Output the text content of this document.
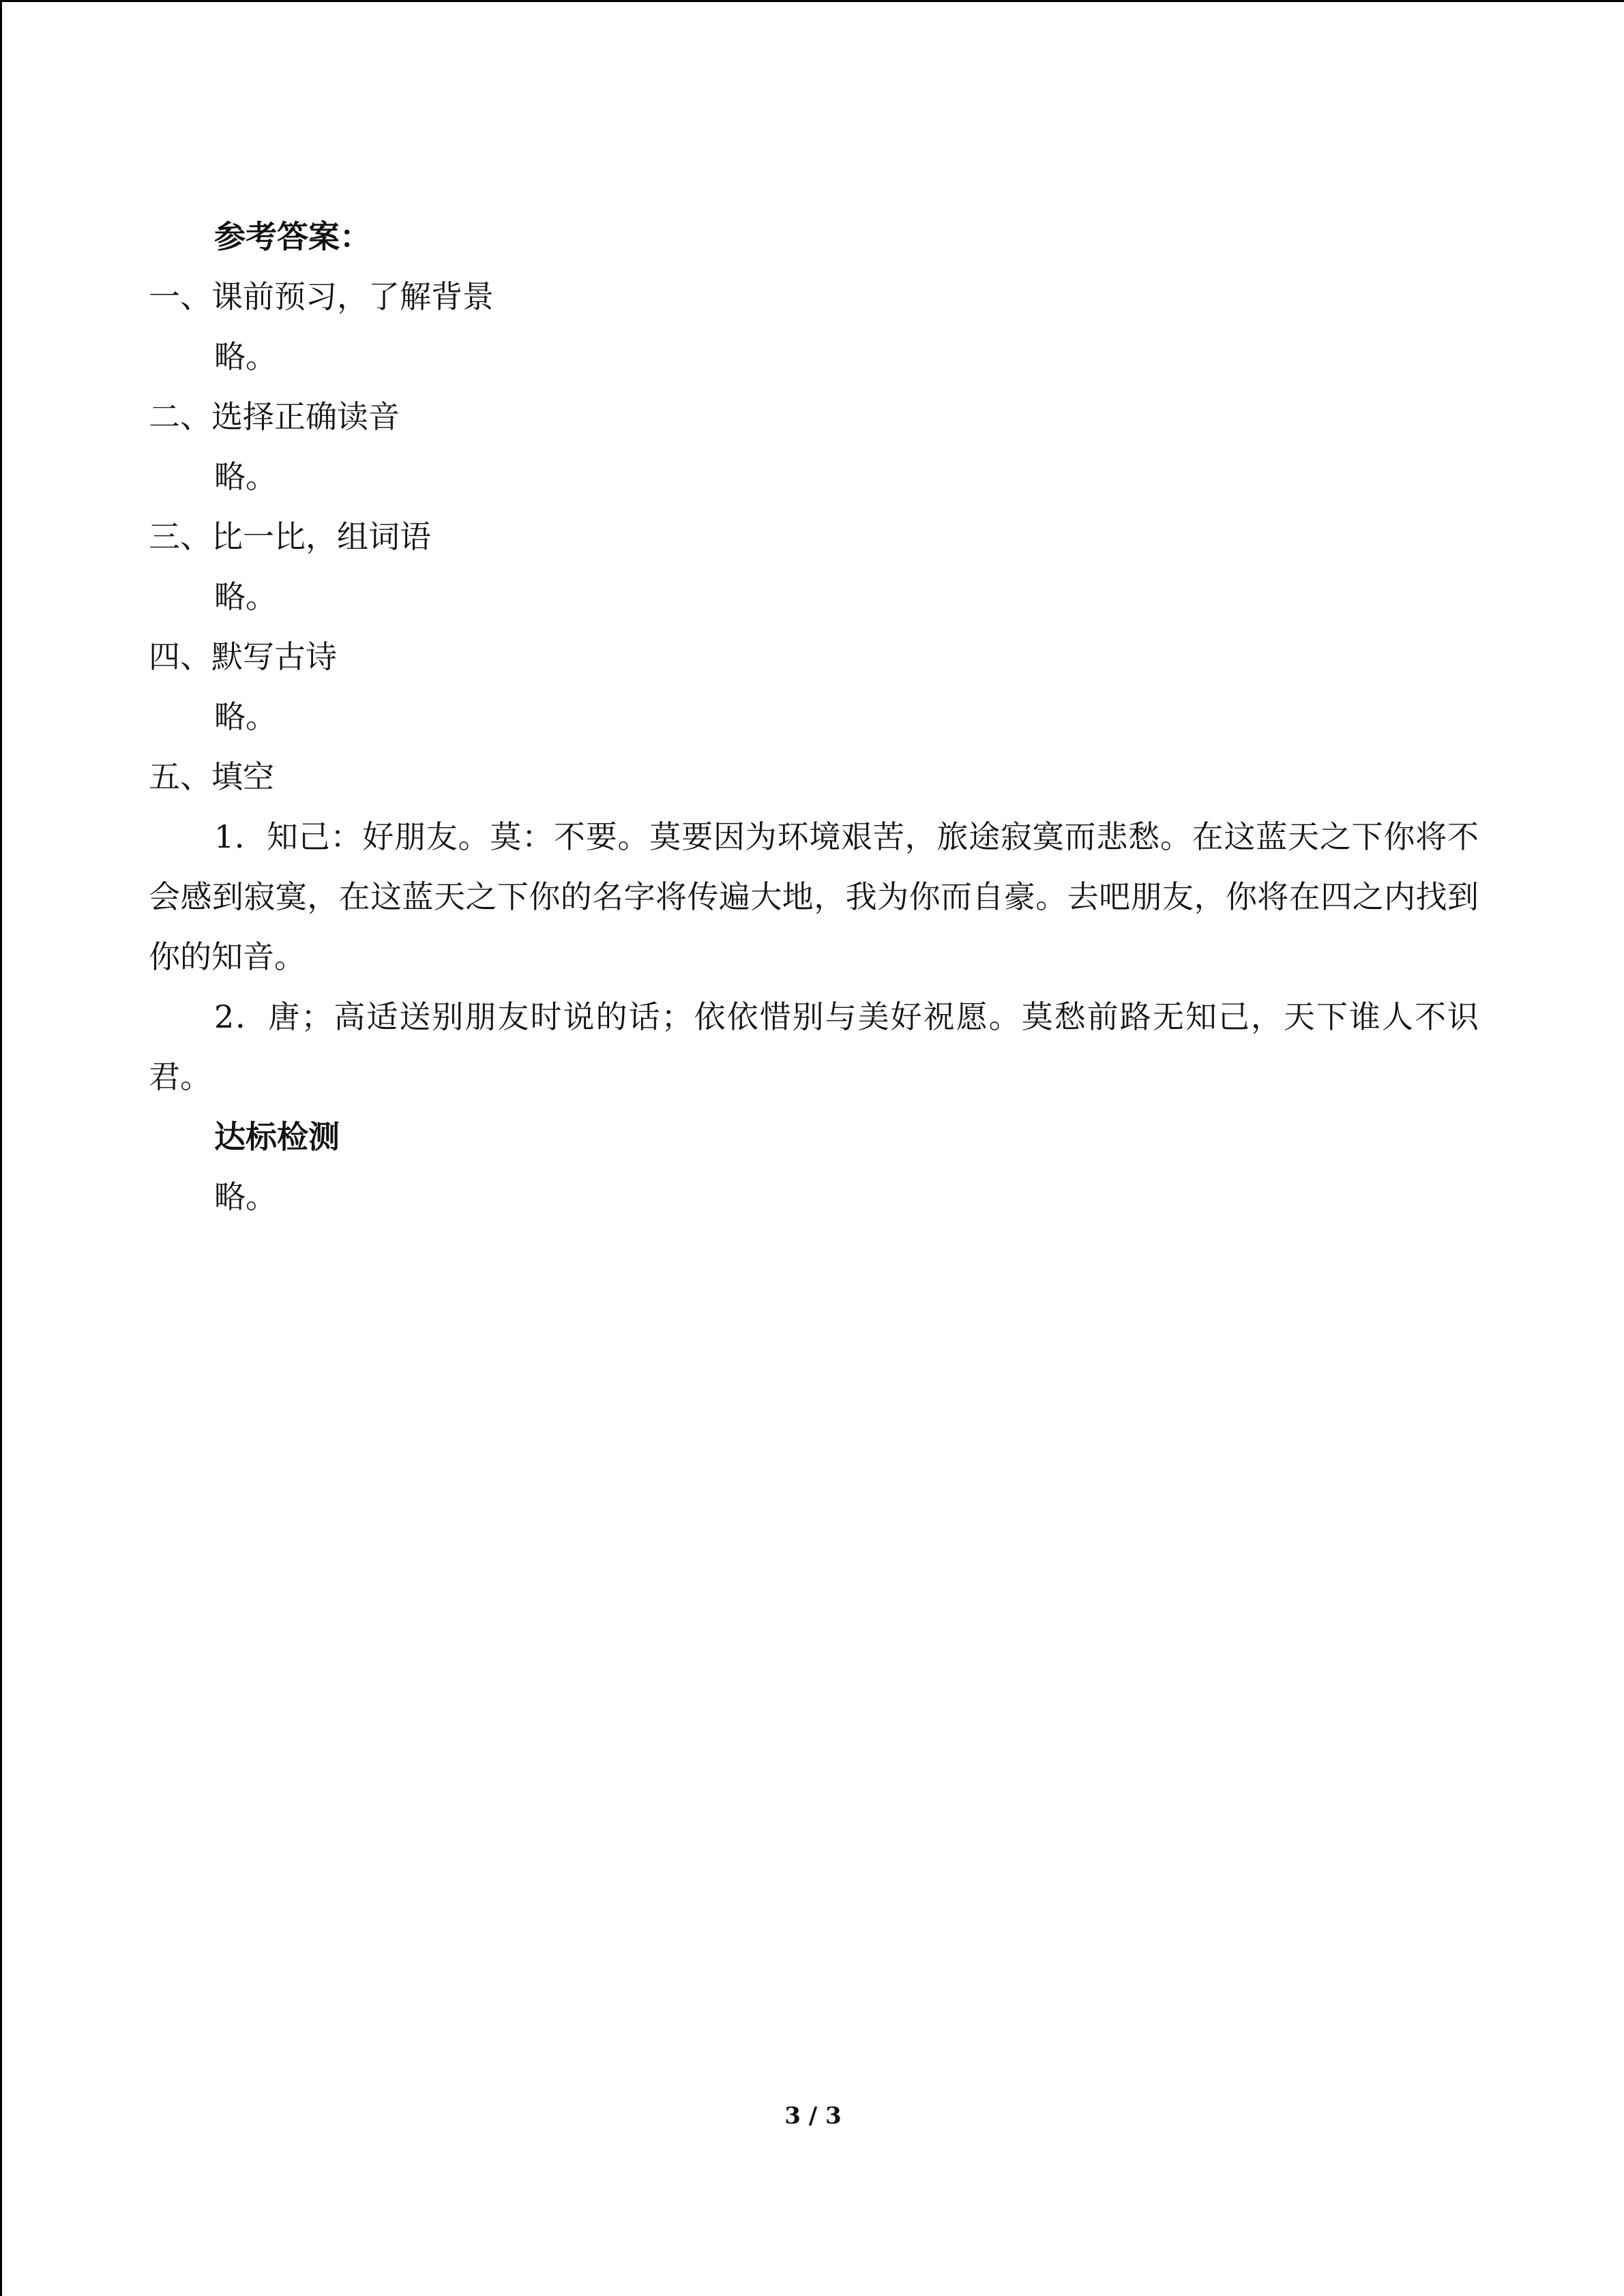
参考答案：
一、课前预习，了解背景
略。
二、选择正确读音
略。
三、比一比，组词语
略。
四、默写古诗
略。
五、填空

1．知己：好朋友。莫：不要。莫要因为环境艰苦，旅途寂寞而悲愁。在这蓝天之下你将不会感到寂寞，在这蓝天之下你的名字将传遍大地，我为你而自豪。去吧朋友，你将在四之内找到你的知音。

2．唐；高适送别朋友时说的话；依依惜别与美好祝愿。莫愁前路无知己，天下谁人不识君。

达标检测
略。
3 / 3
